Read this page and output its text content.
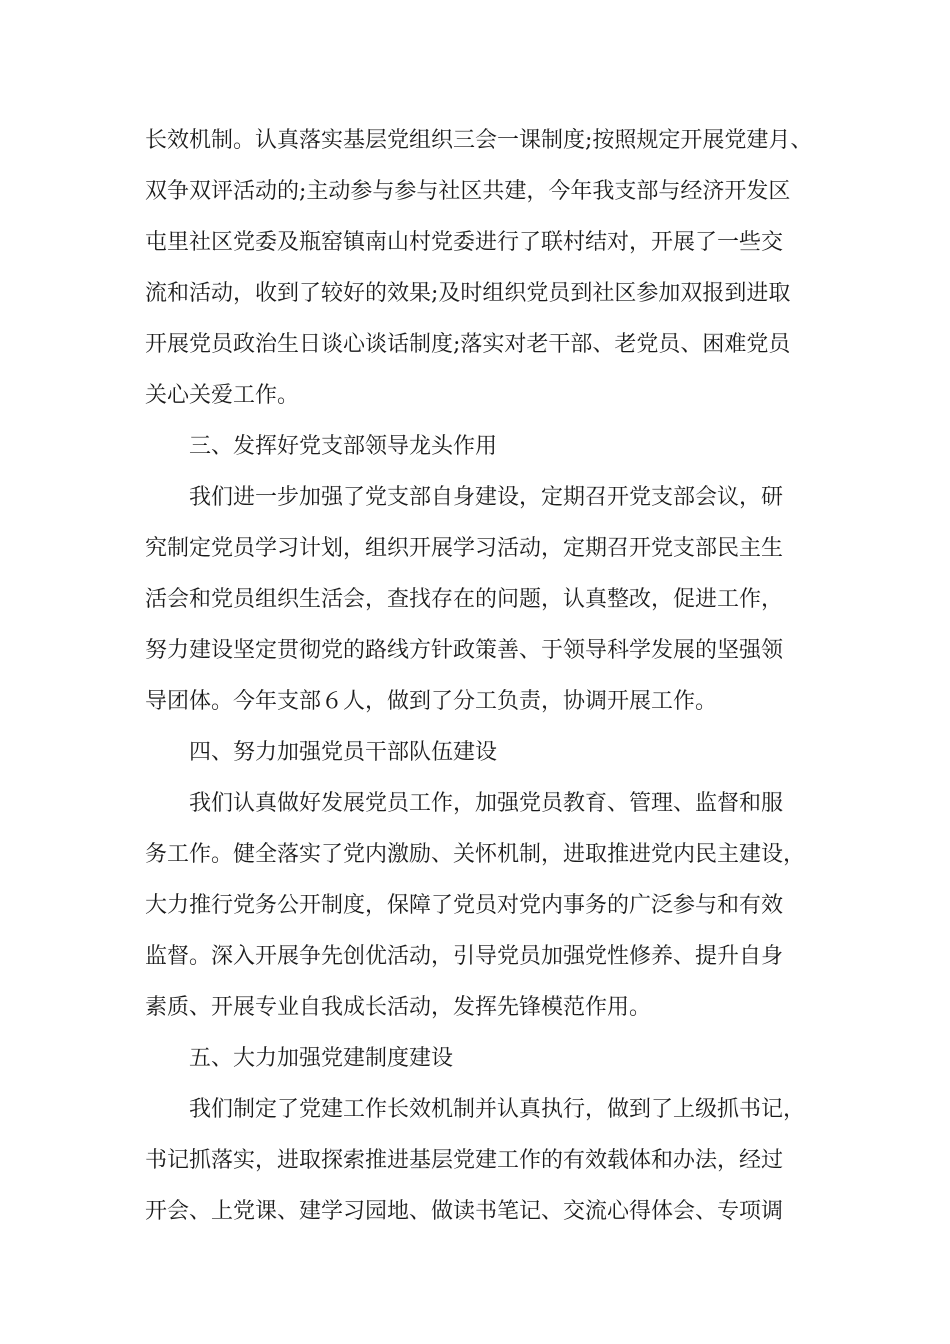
长效机制。认真落实基层党组织三会一课制度;按照规定开展党建月、
双争双评活动的;主动参与参与社区共建，今年我支部与经济开发区
屯里社区党委及瓶窑镇南山村党委进行了联村结对，开展了一些交
流和活动，收到了较好的效果;及时组织党员到社区参加双报到进取
开展党员政治生日谈心谈话制度;落实对老干部、老党员、困难党员
关心关爱工作。
三、发挥好党支部领导龙头作用
我们进一步加强了党支部自身建设，定期召开党支部会议，研
究制定党员学习计划，组织开展学习活动，定期召开党支部民主生
活会和党员组织生活会，查找存在的问题，认真整改，促进工作，
努力建设坚定贯彻党的路线方针政策善、于领导科学发展的坚强领
导团体。今年支部６人，做到了分工负责，协调开展工作。
四、努力加强党员干部队伍建设
我们认真做好发展党员工作，加强党员教育、管理、监督和服
务工作。健全落实了党内激励、关怀机制，进取推进党内民主建设，
大力推行党务公开制度，保障了党员对党内事务的广泛参与和有效
监督。深入开展争先创优活动，引导党员加强党性修养、提升自身
素质、开展专业自我成长活动，发挥先锋模范作用。
五、大力加强党建制度建设
我们制定了党建工作长效机制并认真执行，做到了上级抓书记，
书记抓落实，进取探索推进基层党建工作的有效载体和办法，经过
开会、上党课、建学习园地、做读书笔记、交流心得体会、专项调
